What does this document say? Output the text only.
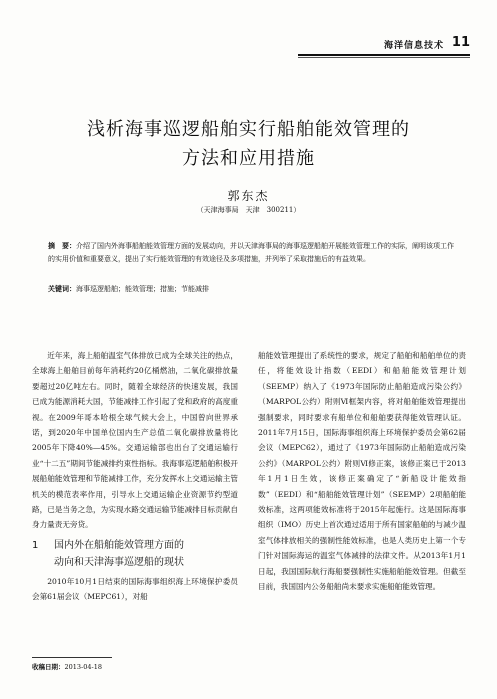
海洋信息技术 11
浅析海事巡逻船舶实行船舶能效管理的
方法和应用措施
郭东杰
（天津海事局　天津　300211）
摘　要：介绍了国内外海事船舶能效管理方面的发展动向，并以天津海事局的海事巡逻船舶开展能效管理工作的实际，阐明该项工作的实用价值和重要意义，提出了实行能效管理的有效途径及多项措施，并列举了采取措施后的有益效果。
关键词：海事巡逻船舶；能效管理；措施；节能减排

近年来，海上船舶温室气体排放已成为全球关注的热点，全球海上船舶目前每年消耗约20亿桶燃油，二氧化碳排放量要超过20亿吨左右。同时，随着全球经济的快速发展，我国已成为能源消耗大国，节能减排工作引起了党和政府的高度重视。在2009年哥本哈根全球气候大会上，中国曾向世界承诺，到2020年中国单位国内生产总值二氧化碳排放量将比2005年下降40%—45%。交通运输部也出台了交通运输行业“十二五”期间节能减排约束性指标。我海事巡逻船舶积极开展船舶能效管理和节能减排工作，充分发挥水上交通运输主管机关的模范表率作用，引导水上交通运输企业资源节约型道路，已是当务之急，为实现水路交通运输节能减排目标贡献自身力量责无旁贷。

1 国内外在船舶能效管理方面的
动向和天津海事巡逻船的现状

2010年10月1日结束的国际海事组织海上环境保护委员会第61届会议（MEPC61），对船

舶能效管理提出了系统性的要求，规定了船舶和船舶单位的责任，将能效设计指数（EEDI）和船舶能效管理计划（SEEMP）纳入了《1973年国际防止船舶造成污染公约》（MARPOL公约）附则Ⅵ框架内容，将对船舶能效管理提出强制要求，同时要求有船单位和船舶要获得能效管理认证。2011年7月15日，国际海事组织海上环境保护委员会第62届会议（MEPC62），通过了《1973年国际防止船舶造成污染公约》（MARPOL公约）附则Ⅵ修正案，该修正案已于2013年1月1日生效，该修正案确定了“新船设计能效指数”（EEDI）和“船舶能效管理计划”（SEEMP）2项船舶能效标准，这两项能效标准将于2015年起施行。这是国际海事组织（IMO）历史上首次通过适用于所有国家船舶的与减少温室气体排放相关的强制性能效标准，也是人类历史上第一个专门针对国际海运的温室气体减排的法律文件。从2013年1月1日起，我国国际航行海船要强制性实施船舶能效管理。但截至目前，我国国内公务船舶尚未要求实施船舶能效管理。

收稿日期：2013-04-18
